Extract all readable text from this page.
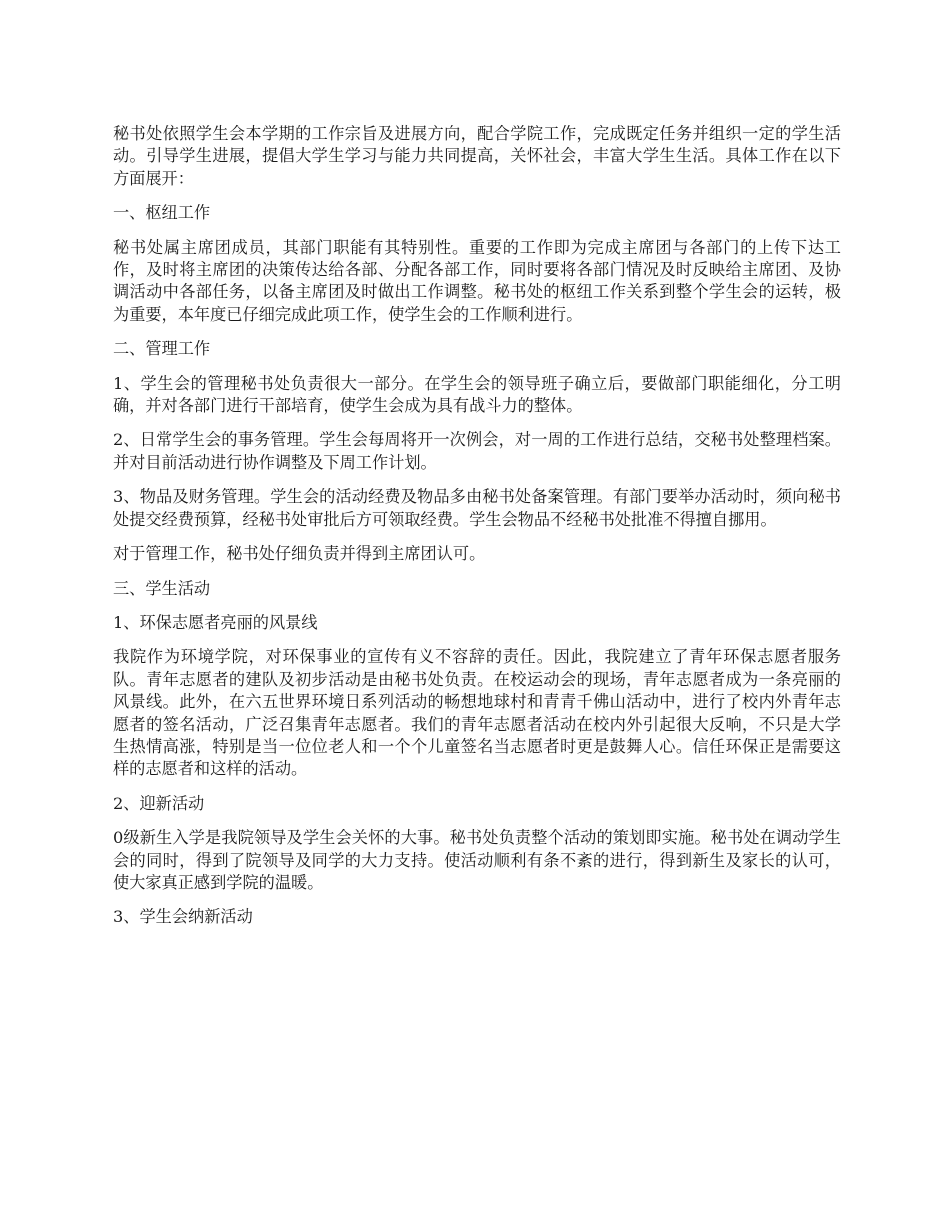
秘书处依照学生会本学期的工作宗旨及进展方向，配合学院工作，完成既定任务并组织一定的学生活动。引导学生进展，提倡大学生学习与能力共同提高，关怀社会，丰富大学生生活。具体工作在以下方面展开：

一、枢纽工作

秘书处属主席团成员，其部门职能有其特别性。重要的工作即为完成主席团与各部门的上传下达工作，及时将主席团的决策传达给各部、分配各部工作，同时要将各部门情况及时反映给主席团、及协调活动中各部任务，以备主席团及时做出工作调整。秘书处的枢纽工作关系到整个学生会的运转，极为重要，本年度已仔细完成此项工作，使学生会的工作顺利进行。

二、管理工作

1、学生会的管理秘书处负责很大一部分。在学生会的领导班子确立后，要做部门职能细化，分工明确，并对各部门进行干部培育，使学生会成为具有战斗力的整体。

2、日常学生会的事务管理。学生会每周将开一次例会，对一周的工作进行总结，交秘书处整理档案。并对目前活动进行协作调整及下周工作计划。

3、物品及财务管理。学生会的活动经费及物品多由秘书处备案管理。有部门要举办活动时，须向秘书处提交经费预算，经秘书处审批后方可领取经费。学生会物品不经秘书处批准不得擅自挪用。

对于管理工作，秘书处仔细负责并得到主席团认可。

三、学生活动

1、环保志愿者亮丽的风景线

我院作为环境学院，对环保事业的宣传有义不容辞的责任。因此，我院建立了青年环保志愿者服务队。青年志愿者的建队及初步活动是由秘书处负责。在校运动会的现场，青年志愿者成为一条亮丽的风景线。此外，在六五世界环境日系列活动的畅想地球村和青青千佛山活动中，进行了校内外青年志愿者的签名活动，广泛召集青年志愿者。我们的青年志愿者活动在校内外引起很大反响，不只是大学生热情高涨，特别是当一位位老人和一个个儿童签名当志愿者时更是鼓舞人心。信任环保正是需要这样的志愿者和这样的活动。

2、迎新活动

0级新生入学是我院领导及学生会关怀的大事。秘书处负责整个活动的策划即实施。秘书处在调动学生会的同时，得到了院领导及同学的大力支持。使活动顺利有条不紊的进行，得到新生及家长的认可，使大家真正感到学院的温暖。

3、学生会纳新活动
